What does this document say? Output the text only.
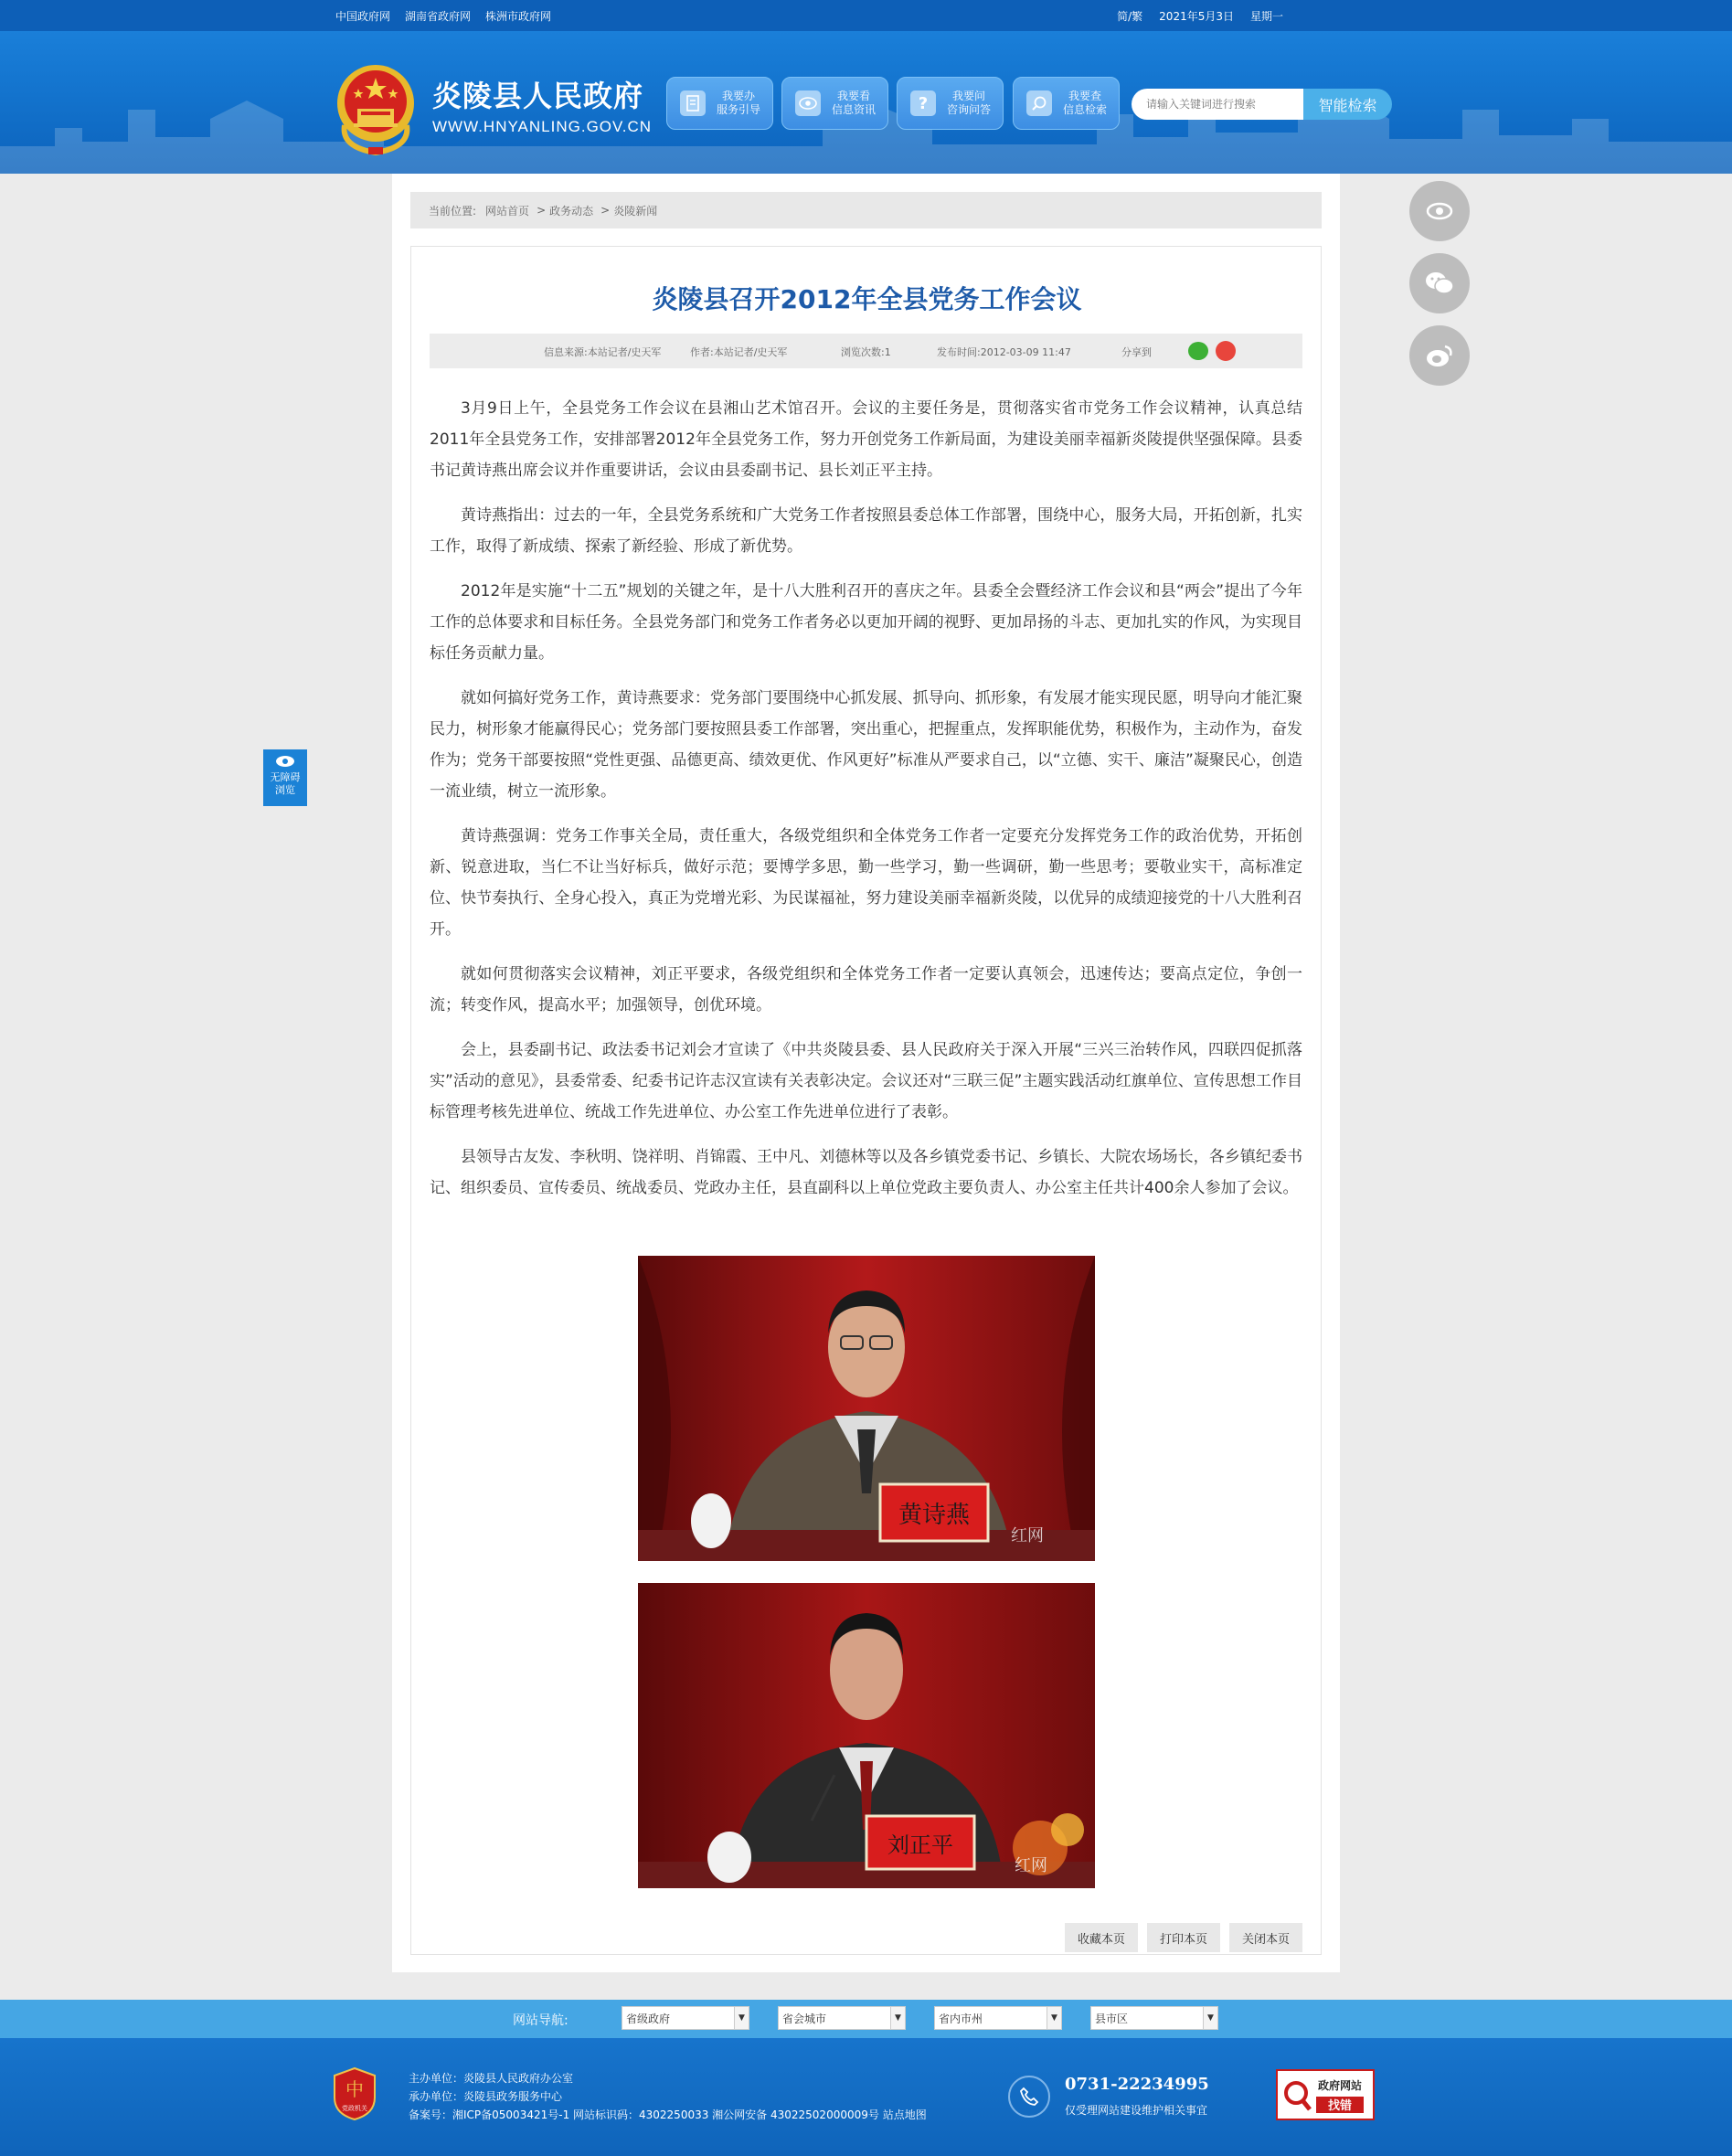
中国政府网 湖南省政府网 株洲市政府网	简/繁 2021年5月3日 星期一
炎陵县人民政府
WWW.HNYANLING.GOV.CN
我要办
服务引导
我要看
信息资讯	?	我要问
咨询问答
我要查
信息检索
请输入关键词进行搜索	智能检索
无障碍
浏览
当前位置: 网站首页 > 政务动态 > 炎陵新闻
炎陵县召开2012年全县党务工作会议
信息来源:本站记者/史天军	作者:本站记者/史天军	浏览次数:1	发布时间:2012-03-09 11:47	分享到

3月9日上午，全县党务工作会议在县湘山艺术馆召开。会议的主要任务是，贯彻落实省市党务工作会议精神，认真总结2011年全县党务工作，安排部署2012年全县党务工作，努力开创党务工作新局面，为建设美丽幸福新炎陵提供坚强保障。县委书记黄诗燕出席会议并作重要讲话，会议由县委副书记、县长刘正平主持。

黄诗燕指出：过去的一年，全县党务系统和广大党务工作者按照县委总体工作部署，围绕中心，服务大局，开拓创新，扎实工作，取得了新成绩、探索了新经验、形成了新优势。

2012年是实施“十二五”规划的关键之年，是十八大胜利召开的喜庆之年。县委全会暨经济工作会议和县“两会”提出了今年工作的总体要求和目标任务。全县党务部门和党务工作者务必以更加开阔的视野、更加昂扬的斗志、更加扎实的作风，为实现目标任务贡献力量。

就如何搞好党务工作，黄诗燕要求：党务部门要围绕中心抓发展、抓导向、抓形象，有发展才能实现民愿，明导向才能汇聚民力，树形象才能赢得民心；党务部门要按照县委工作部署，突出重心，把握重点，发挥职能优势，积极作为，主动作为，奋发作为；党务干部要按照“党性更强、品德更高、绩效更优、作风更好”标准从严要求自己，以“立德、实干、廉洁”凝聚民心，创造一流业绩，树立一流形象。

黄诗燕强调：党务工作事关全局，责任重大，各级党组织和全体党务工作者一定要充分发挥党务工作的政治优势，开拓创新、锐意进取，当仁不让当好标兵，做好示范；要博学多思，勤一些学习，勤一些调研，勤一些思考；要敬业实干，高标准定位、快节奏执行、全身心投入，真正为党增光彩、为民谋福祉，努力建设美丽幸福新炎陵，以优异的成绩迎接党的十八大胜利召开。

就如何贯彻落实会议精神，刘正平要求，各级党组织和全体党务工作者一定要认真领会，迅速传达；要高点定位，争创一流；转变作风，提高水平；加强领导，创优环境。

会上，县委副书记、政法委书记刘会才宣读了《中共炎陵县委、县人民政府关于深入开展“三兴三治转作风，四联四促抓落实”活动的意见》，县委常委、纪委书记许志汉宣读有关表彰决定。会议还对“三联三促”主题实践活动红旗单位、宣传思想工作目标管理考核先进单位、统战工作先进单位、办公室工作先进单位进行了表彰。

县领导古友发、李秋明、饶祥明、肖锦霞、王中凡、刘德林等以及各乡镇党委书记、乡镇长、大院农场场长，各乡镇纪委书记、组织委员、宣传委员、统战委员、党政办主任，县直副科以上单位党政主要负责人、办公室主任共计400余人参加了会议。

黄诗燕
红网
刘正平
红网
收藏本页	打印本页	关闭本页
网站导航:	省级政府	▼	省会城市	▼	省内市州	▼	县市区	▼
中
党政机关
主办单位：炎陵县人民政府办公室
承办单位：炎陵县政务服务中心
备案号：湘ICP备05003421号-1 网站标识码：4302250033 湘公网安备 43022502000009号 站点地图
0731-22234995
仅受理网站建设维护相关事宜
政府网站
找错
